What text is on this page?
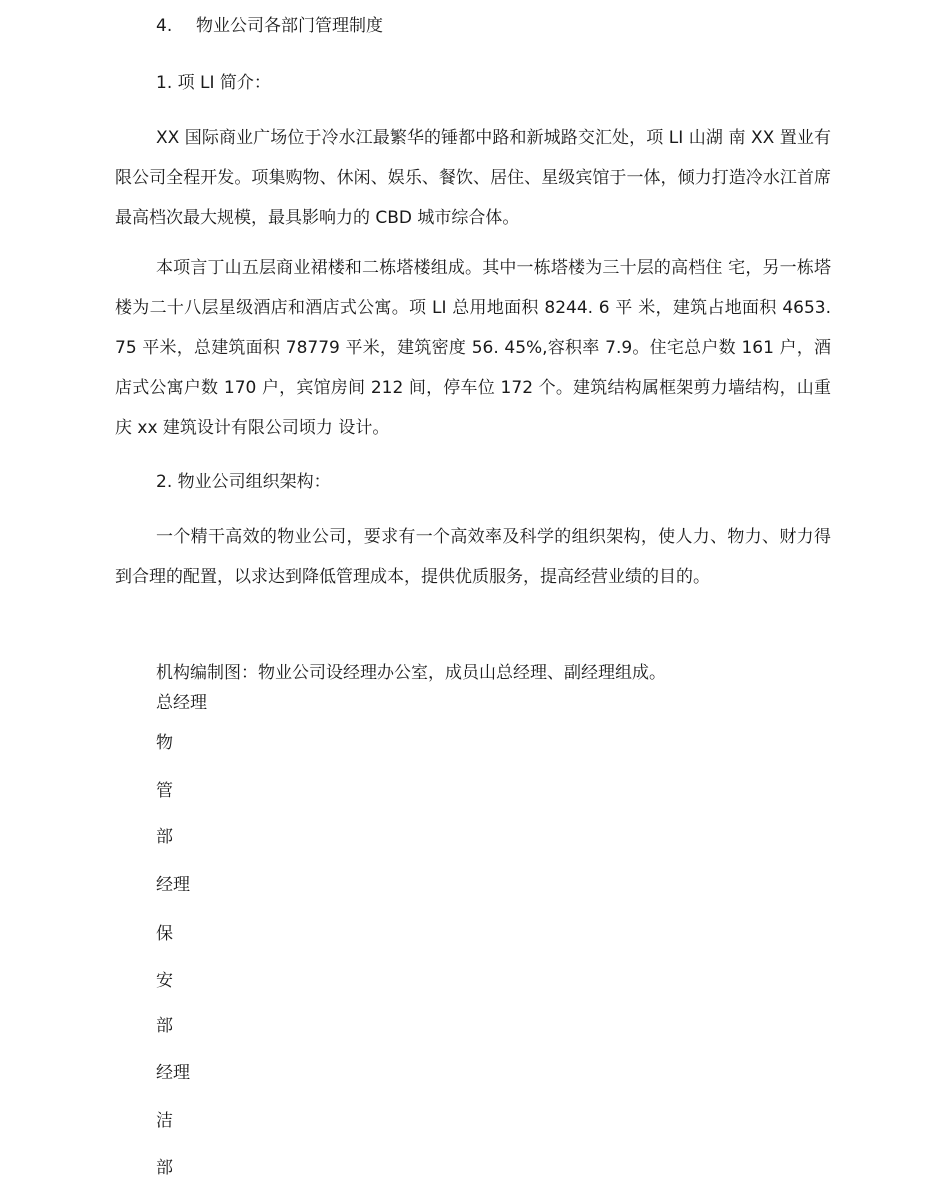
4. 物业公司各部门管理制度
1. 项 LI 简介：
XX 国际商业广场位于冷水江最繁华的锤都中路和新城路交汇处，项 LI 山湖 南 XX 置业有限公司全程开发。项集购物、休闲、娱乐、餐饮、居住、星级宾馆于一体，倾力打造冷水江首席最高档次最大规模，最具影响力的 CBD 城市综合体。
本项言丁山五层商业裙楼和二栋塔楼组成。其中一栋塔楼为三十层的高档住 宅，另一栋塔楼为二十八层星级酒店和酒店式公寓。项 LI 总用地面积 8244. 6 平 米，建筑占地面积 4653. 75 平米，总建筑面积 78779 平米，建筑密度 56. 45%,容积率 7.9。住宅总户数 161 户，酒店式公寓户数 170 户，宾馆房间 212 间，停车位 172 个。建筑结构属框架剪力墙结构，山重庆 xx 建筑设计有限公司顷力 设计。
2. 物业公司组织架构：
一个精干高效的物业公司，要求有一个高效率及科学的组织架构，使人力、物力、财力得到合理的配置，以求达到降低管理成本，提供优质服务，提高经营业绩的目的。
机构编制图：物业公司设经理办公室，成员山总经理、副经理组成。
总经理
物
管
部
经理
保
安
部
经理
洁
部
